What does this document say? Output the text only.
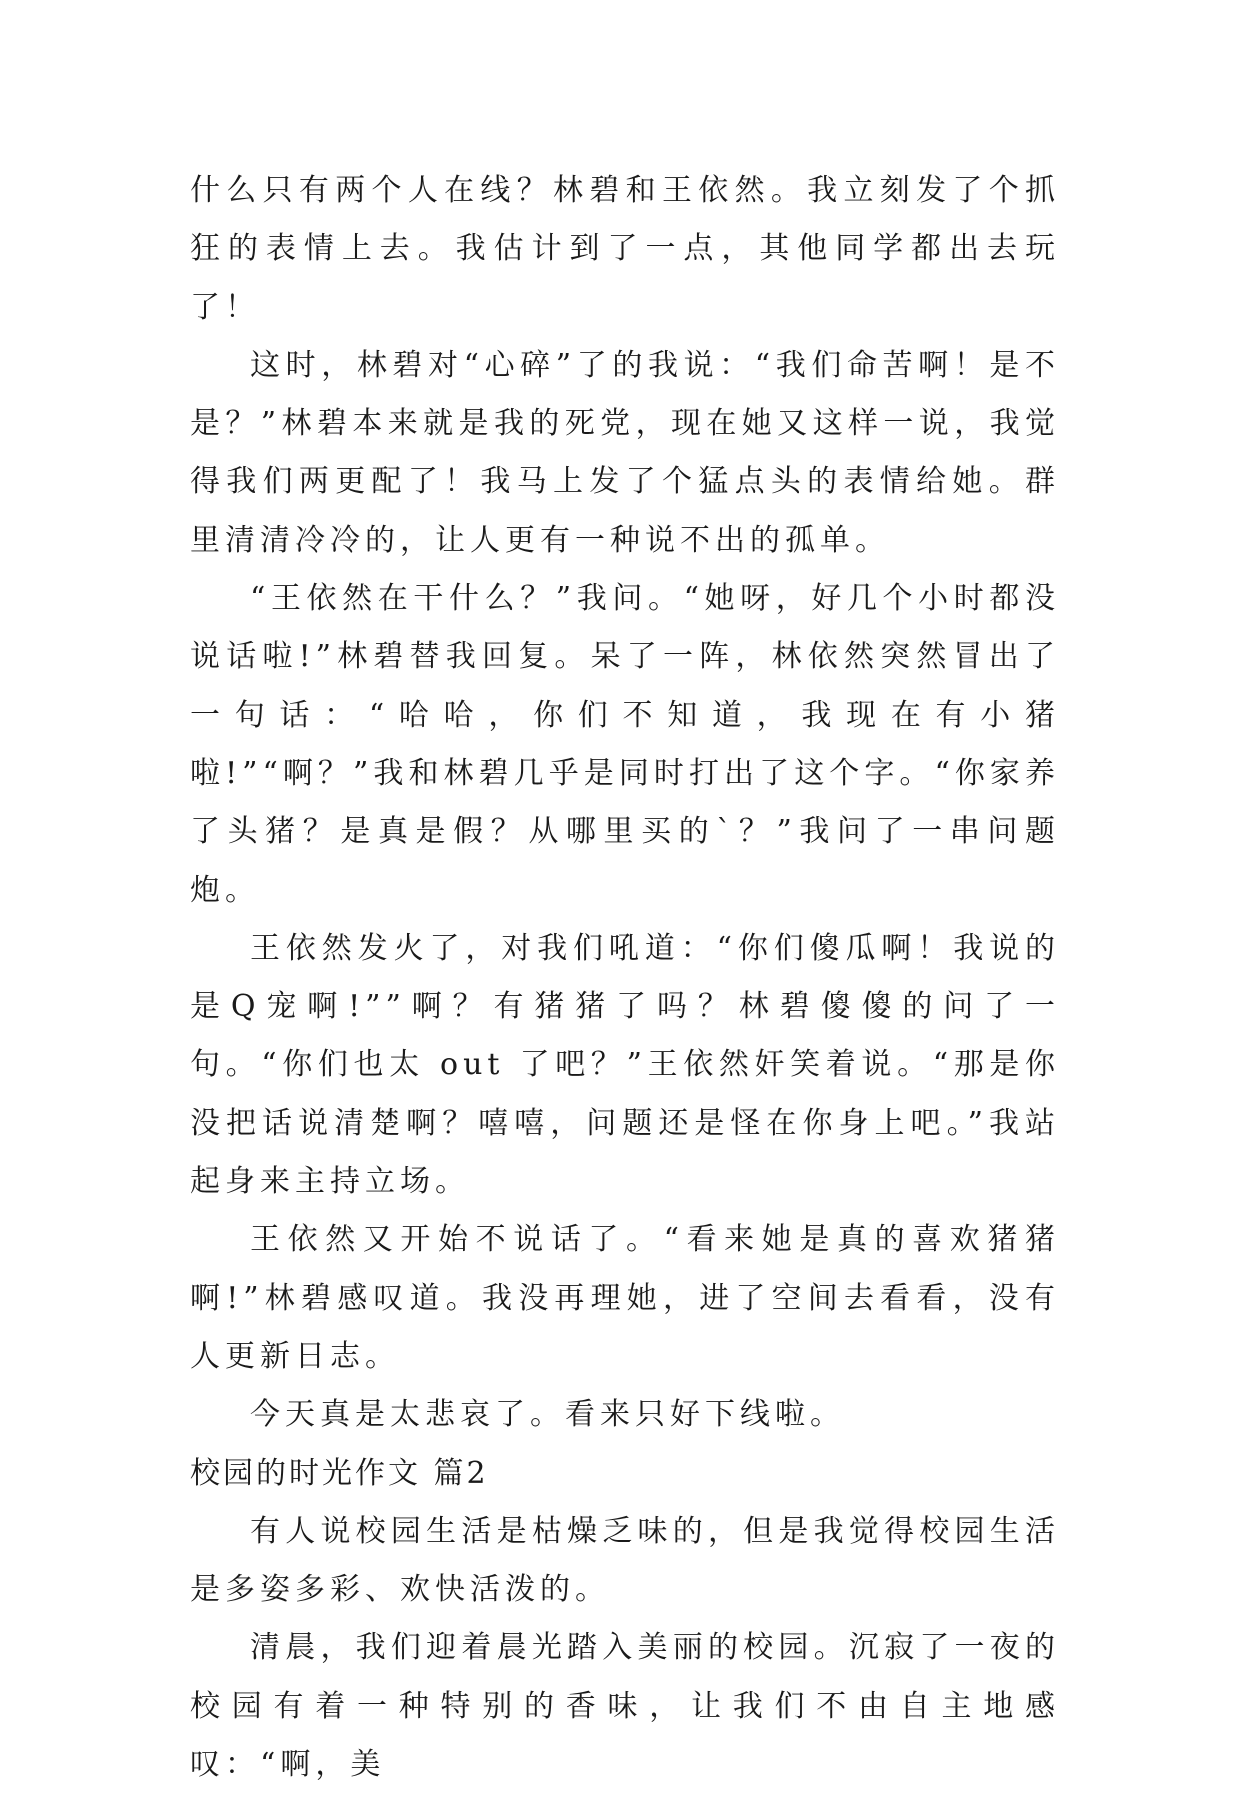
什么只有两个人在线？林碧和王依然。我立刻发了个抓狂的表情上去。我估计到了一点，其他同学都出去玩了！

这时，林碧对“心碎”了的我说：“我们命苦啊！是不是？”林碧本来就是我的死党，现在她又这样一说，我觉得我们两更配了！我马上发了个猛点头的表情给她。群里清清冷冷的，让人更有一种说不出的孤单。

“王依然在干什么？”我问。“她呀，好几个小时都没说话啦!”林碧替我回复。呆了一阵，林依然突然冒出了一句话：“哈哈，你们不知道，我现在有小猪啦!”“啊？”我和林碧几乎是同时打出了这个字。“你家养了头猪？是真是假？从哪里买的`？”我问了一串问题炮。

王依然发火了，对我们吼道：“你们傻瓜啊！我说的是Q宠啊!””啊？有猪猪了吗？林碧傻傻的问了一句。“你们也太 out 了吧？”王依然奸笑着说。“那是你没把话说清楚啊？嘻嘻，问题还是怪在你身上吧。”我站起身来主持立场。

王依然又开始不说话了。“看来她是真的喜欢猪猪啊!”林碧感叹道。我没再理她，进了空间去看看，没有人更新日志。

今天真是太悲哀了。看来只好下线啦。

校园的时光作文 篇2

有人说校园生活是枯燥乏味的，但是我觉得校园生活是多姿多彩、欢快活泼的。

清晨，我们迎着晨光踏入美丽的校园。沉寂了一夜的校园有着一种特别的香味，让我们不由自主地感叹：“啊，美
